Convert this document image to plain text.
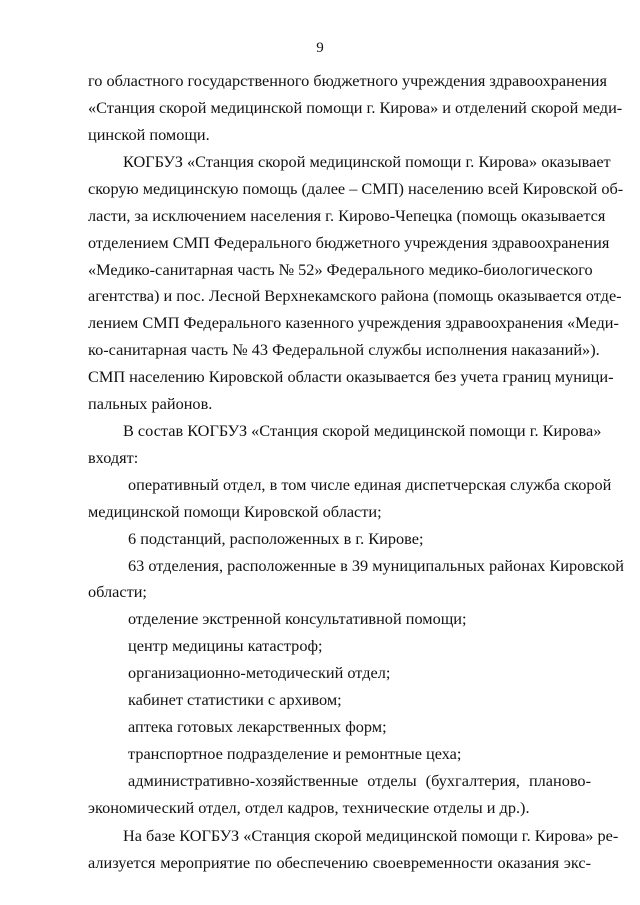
9
го областного государственного бюджетного учреждения здравоохранения
«Станция скорой медицинской помощи г. Кирова» и отделений скорой меди-
цинской помощи.
КОГБУЗ «Станция скорой медицинской помощи г. Кирова» оказывает
скорую медицинскую помощь (далее – СМП) населению всей Кировской об-
ласти, за исключением населения г. Кирово-Чепецка (помощь оказывается
отделением СМП Федерального бюджетного учреждения здравоохранения
«Медико-санитарная часть № 52» Федерального медико-биологического
агентства) и пос. Лесной Верхнекамского района (помощь оказывается отде-
лением СМП Федерального казенного учреждения здравоохранения «Меди-
ко-санитарная часть № 43 Федеральной службы исполнения наказаний»).
СМП населению Кировской области оказывается без учета границ муници-
пальных районов.
В состав КОГБУЗ «Станция скорой медицинской помощи г. Кирова»
входят:
оперативный отдел, в том числе единая диспетчерская служба скорой
медицинской помощи Кировской области;
6 подстанций, расположенных в г. Кирове;
63 отделения, расположенные в 39 муниципальных районах Кировской
области;
отделение экстренной консультативной помощи;
центр медицины катастроф;
организационно-методический отдел;
кабинет статистики с архивом;
аптека готовых лекарственных форм;
транспортное подразделение и ремонтные цеха;
административно-хозяйственные отделы (бухгалтерия, планово-
экономический отдел, отдел кадров, технические отделы и др.).
На базе КОГБУЗ «Станция скорой медицинской помощи г. Кирова» ре-
ализуется мероприятие по обеспечению своевременности оказания экс-
